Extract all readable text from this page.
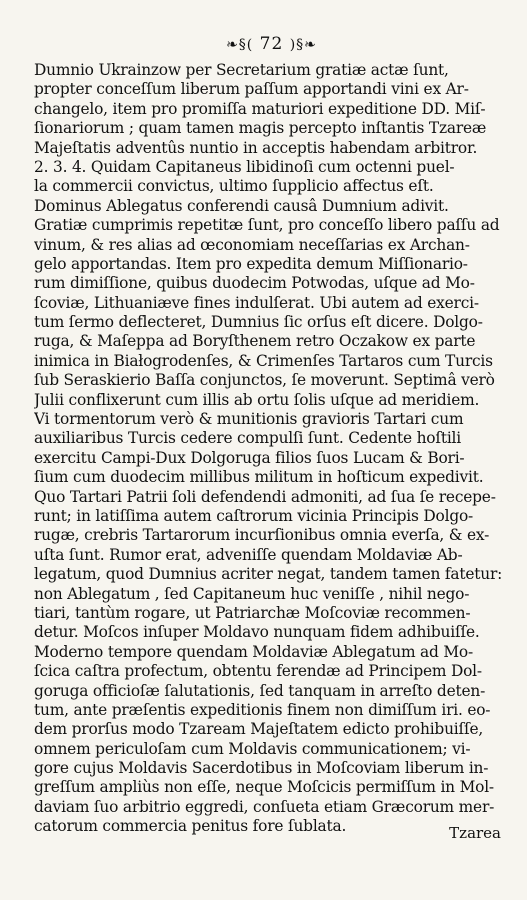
❧§( 72 )§❧
Dumnio Ukrainzow per Secretarium gratiæ actæ ſunt,
propter conceſſum liberum paſſum apportandi vini ex Ar-
changelo, item pro promiſſa maturiori expeditione DD. Miſ-
ſionariorum ; quam tamen magis percepto inſtantis Tzareæ
Majeſtatis adventûs nuntio in acceptis habendam arbitror.
2. 3. 4. Quidam Capitaneus libidinoſi cum octenni puel-
la commercii convictus, ultimo ſupplicio affectus eſt.
Dominus Ablegatus conferendi causâ Dumnium adivit.
Gratiæ cumprimis repetitæ ſunt, pro conceſſo libero paſſu ad
vinum, & res alias ad œconomiam neceſſarias ex Archan-
gelo apportandas. Item pro expedita demum Miſſionario-
rum dimiſſione, quibus duodecim Potwodas, uſque ad Mo-
ſcoviæ, Lithuaniæve fines indulſerat. Ubi autem ad exerci-
tum ſermo deflecteret, Dumnius ſic orſus eſt dicere. Dolgo-
ruga, & Maſeppa ad Boryſthenem retro Oczakow ex parte
inimica in Białogrodenſes, & Crimenſes Tartaros cum Turcis
ſub Seraskierio Baſſa conjunctos, ſe moverunt. Septimâ verò
Julii conflixerunt cum illis ab ortu ſolis uſque ad meridiem.
Vi tormentorum verò & munitionis gravioris Tartari cum
auxiliaribus Turcis cedere compulſi ſunt. Cedente hoſtili
exercitu Campi-Dux Dolgoruga filios ſuos Lucam & Bori-
ſium cum duodecim millibus militum in hoſticum expedivit.
Quo Tartari Patrii ſoli defendendi admoniti, ad ſua ſe recepe-
runt; in latiſſima autem caſtrorum vicinia Principis Dolgo-
rugæ, crebris Tartarorum incurſionibus omnia everſa, & ex-
uſta ſunt. Rumor erat, adveniſſe quendam Moldaviæ Ab-
legatum, quod Dumnius acriter negat, tandem tamen fatetur:
non Ablegatum , ſed Capitaneum huc veniſſe , nihil nego-
tiari, tantùm rogare, ut Patriarchæ Moſcoviæ recommen-
detur. Moſcos inſuper Moldavo nunquam fidem adhibuiſſe.
Moderno tempore quendam Moldaviæ Ablegatum ad Mo-
ſcica caſtra profectum, obtentu ferendæ ad Principem Dol-
goruga officioſæ ſalutationis, ſed tanquam in arreſto deten-
tum, ante præſentis expeditionis finem non dimiſſum iri. eo-
dem prorſus modo Tzaream Majeſtatem edicto prohibuiſſe,
omnem periculoſam cum Moldavis communicationem; vi-
gore cujus Moldavis Sacerdotibus in Moſcoviam liberum in-
greſſum ampliùs non eſſe, neque Moſcicis permiſſum in Mol-
daviam ſuo arbitrio eggredi, conſueta etiam Græcorum mer-
catorum commercia penitus fore ſublata.	Tzarea
